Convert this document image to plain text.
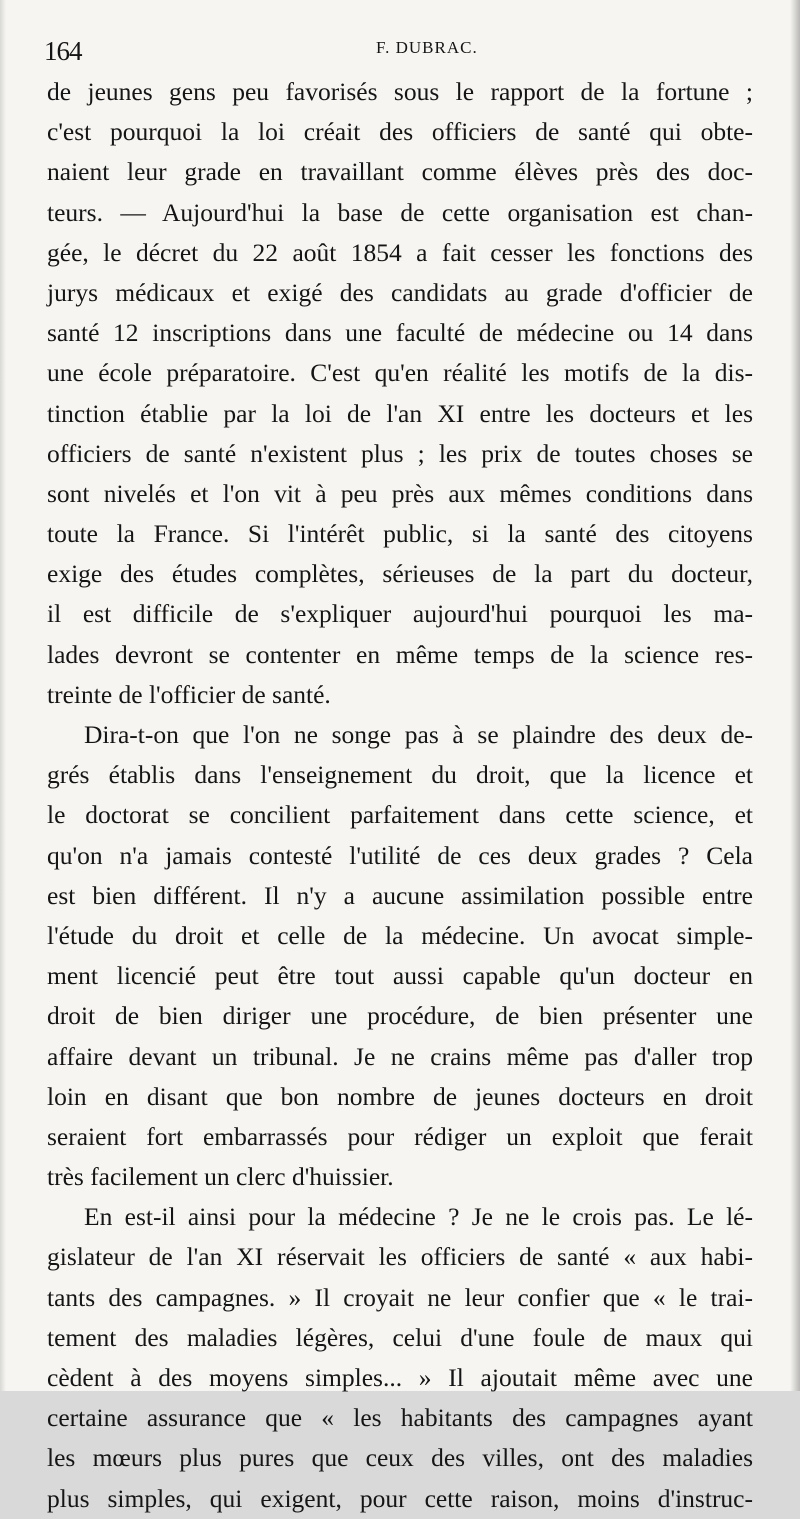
164	F. DUBRAC.
de jeunes gens peu favorisés sous le rapport de la fortune ;
c'est pourquoi la loi créait des officiers de santé qui obte-
naient leur grade en travaillant comme élèves près des doc-
teurs. — Aujourd'hui la base de cette organisation est chan-
gée, le décret du 22 août 1854 a fait cesser les fonctions des
jurys médicaux et exigé des candidats au grade d'officier de
santé 12 inscriptions dans une faculté de médecine ou 14 dans
une école préparatoire. C'est qu'en réalité les motifs de la dis-
tinction établie par la loi de l'an XI entre les docteurs et les
officiers de santé n'existent plus ; les prix de toutes choses se
sont nivelés et l'on vit à peu près aux mêmes conditions dans
toute la France. Si l'intérêt public, si la santé des citoyens
exige des études complètes, sérieuses de la part du docteur,
il est difficile de s'expliquer aujourd'hui pourquoi les ma-
lades devront se contenter en même temps de la science res-
treinte de l'officier de santé.
Dira-t-on que l'on ne songe pas à se plaindre des deux de-
grés établis dans l'enseignement du droit, que la licence et
le doctorat se concilient parfaitement dans cette science, et
qu'on n'a jamais contesté l'utilité de ces deux grades ? Cela
est bien différent. Il n'y a aucune assimilation possible entre
l'étude du droit et celle de la médecine. Un avocat simple-
ment licencié peut être tout aussi capable qu'un docteur en
droit de bien diriger une procédure, de bien présenter une
affaire devant un tribunal. Je ne crains même pas d'aller trop
loin en disant que bon nombre de jeunes docteurs en droit
seraient fort embarrassés pour rédiger un exploit que ferait
très facilement un clerc d'huissier.
En est-il ainsi pour la médecine ? Je ne le crois pas. Le lé-
gislateur de l'an XI réservait les officiers de santé « aux habi-
tants des campagnes. » Il croyait ne leur confier que « le trai-
tement des maladies légères, celui d'une foule de maux qui
cèdent à des moyens simples... » Il ajoutait même avec une
certaine assurance que « les habitants des campagnes ayant
les mœurs plus pures que ceux des villes, ont des maladies
plus simples, qui exigent, pour cette raison, moins d'instruc-
